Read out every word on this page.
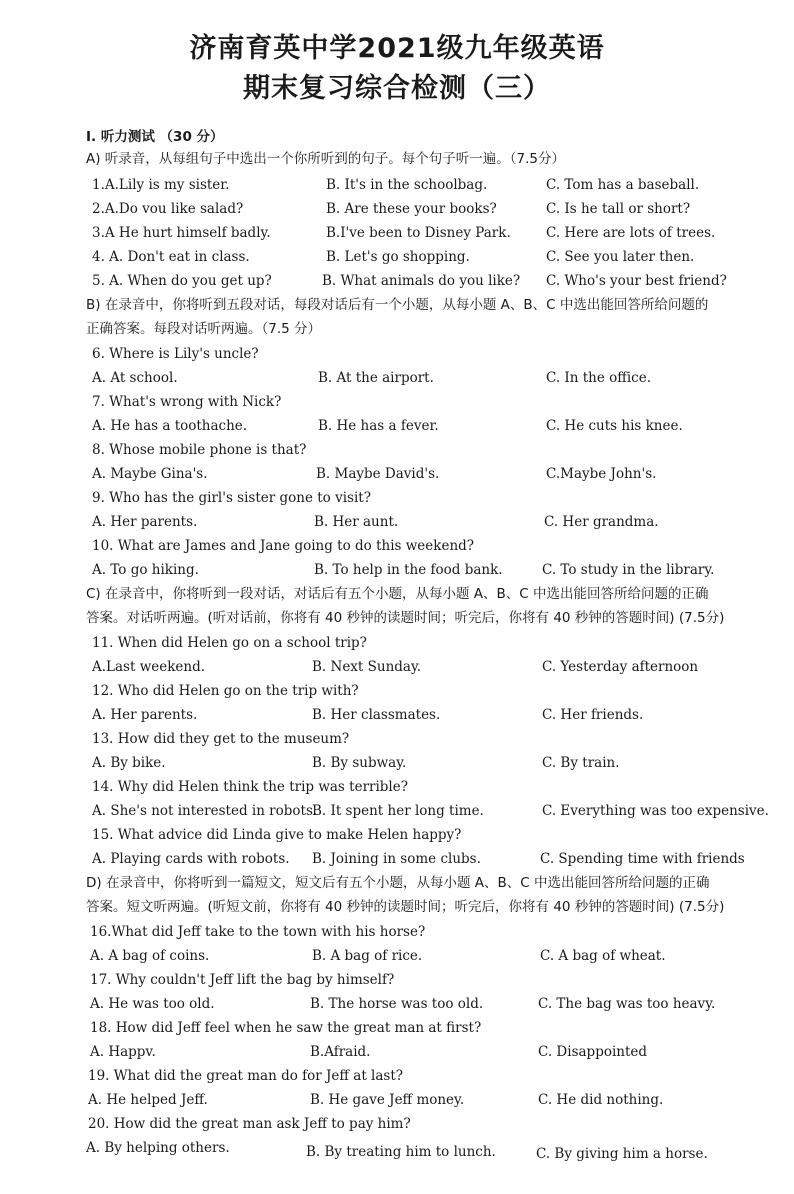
济南育英中学2021级九年级英语
期末复习综合检测（三）
I. 听力测试 （30 分）
A) 听录音，从每组句子中选出一个你所听到的句子。每个句子听一遍。（7.5分）
1.A.Lily is my sister.	B. It's in the schoolbag.	C. Tom has a baseball.
2.A.Do vou like salad?	B. Are these your books?	C. Is he tall or short?
3.A He hurt himself badly.	B.I've been to Disney Park.	C. Here are lots of trees.
4. A. Don't eat in class.	B. Let's go shopping.	C. See you later then.
5. A. When do you get up?	B. What animals do you like? C. Who's your best friend?
B) 在录音中，你将听到五段对话，每段对话后有一个小题，从每小题 A、B、C 中选出能回答所给问题的
正确答案。每段对话听两遍。（7.5 分）
6. Where is Lily's uncle?
A. At school.	B. At the airport.	C. In the office.
7. What's wrong with Nick?
A. He has a toothache.	B. He has a fever.	C. He cuts his knee.
8. Whose mobile phone is that?
A. Maybe Gina's.	B. Maybe David's.	C.Maybe John's.
9. Who has the girl's sister gone to visit?
A. Her parents.	B. Her aunt.	C. Her grandma.
10. What are James and Jane going to do this weekend?
A. To go hiking.	B. To help in the food bank.	C. To study in the library.
C) 在录音中，你将听到一段对话，对话后有五个小题，从每小题 A、B、C 中选出能回答所给问题的正确
答案。对话听两遍。(听对话前，你将有 40 秒钟的读题时间；听完后，你将有 40 秒钟的答题时间) (7.5分)
11. When did Helen go on a school trip?
A.Last weekend.	B. Next Sunday.	C. Yesterday afternoon
12. Who did Helen go on the trip with?
A. Her parents.	B. Her classmates.	C. Her friends.
13. How did they get to the museum?
A. By bike.	B. By subway.	C. By train.
14. Why did Helen think the trip was terrible?
A. She's not interested in robots.
B. It spent her long time.	C. Everything was too expensive.
15. What advice did Linda give to make Helen happy?
A. Playing cards with robots. B. Joining in some clubs.	C. Spending time with friends
D) 在录音中，你将听到一篇短文，短文后有五个小题，从每小题 A、B、C 中选出能回答所给问题的正确
答案。短文听两遍。(听短文前，你将有 40 秒钟的读题时间；听完后，你将有 40 秒钟的答题时间) (7.5分)
16.What did Jeff take to the town with his horse?
A. A bag of coins.	B. A bag of rice.	C. A bag of wheat.
17. Why couldn't Jeff lift the bag by himself?
A. He was too old.	B. The horse was too old.	C. The bag was too heavy.
18. How did Jeff feel when he saw the great man at first?
A. Happv.	B.Afraid.	C. Disappointed
19. What did the great man do for Jeff at last?
A. He helped Jeff.	B. He gave Jeff money.	C. He did nothing.
20. How did the great man ask Jeff to pay him?
A. By helping others.	B. By treating him to lunch.	C. By giving him a horse.
